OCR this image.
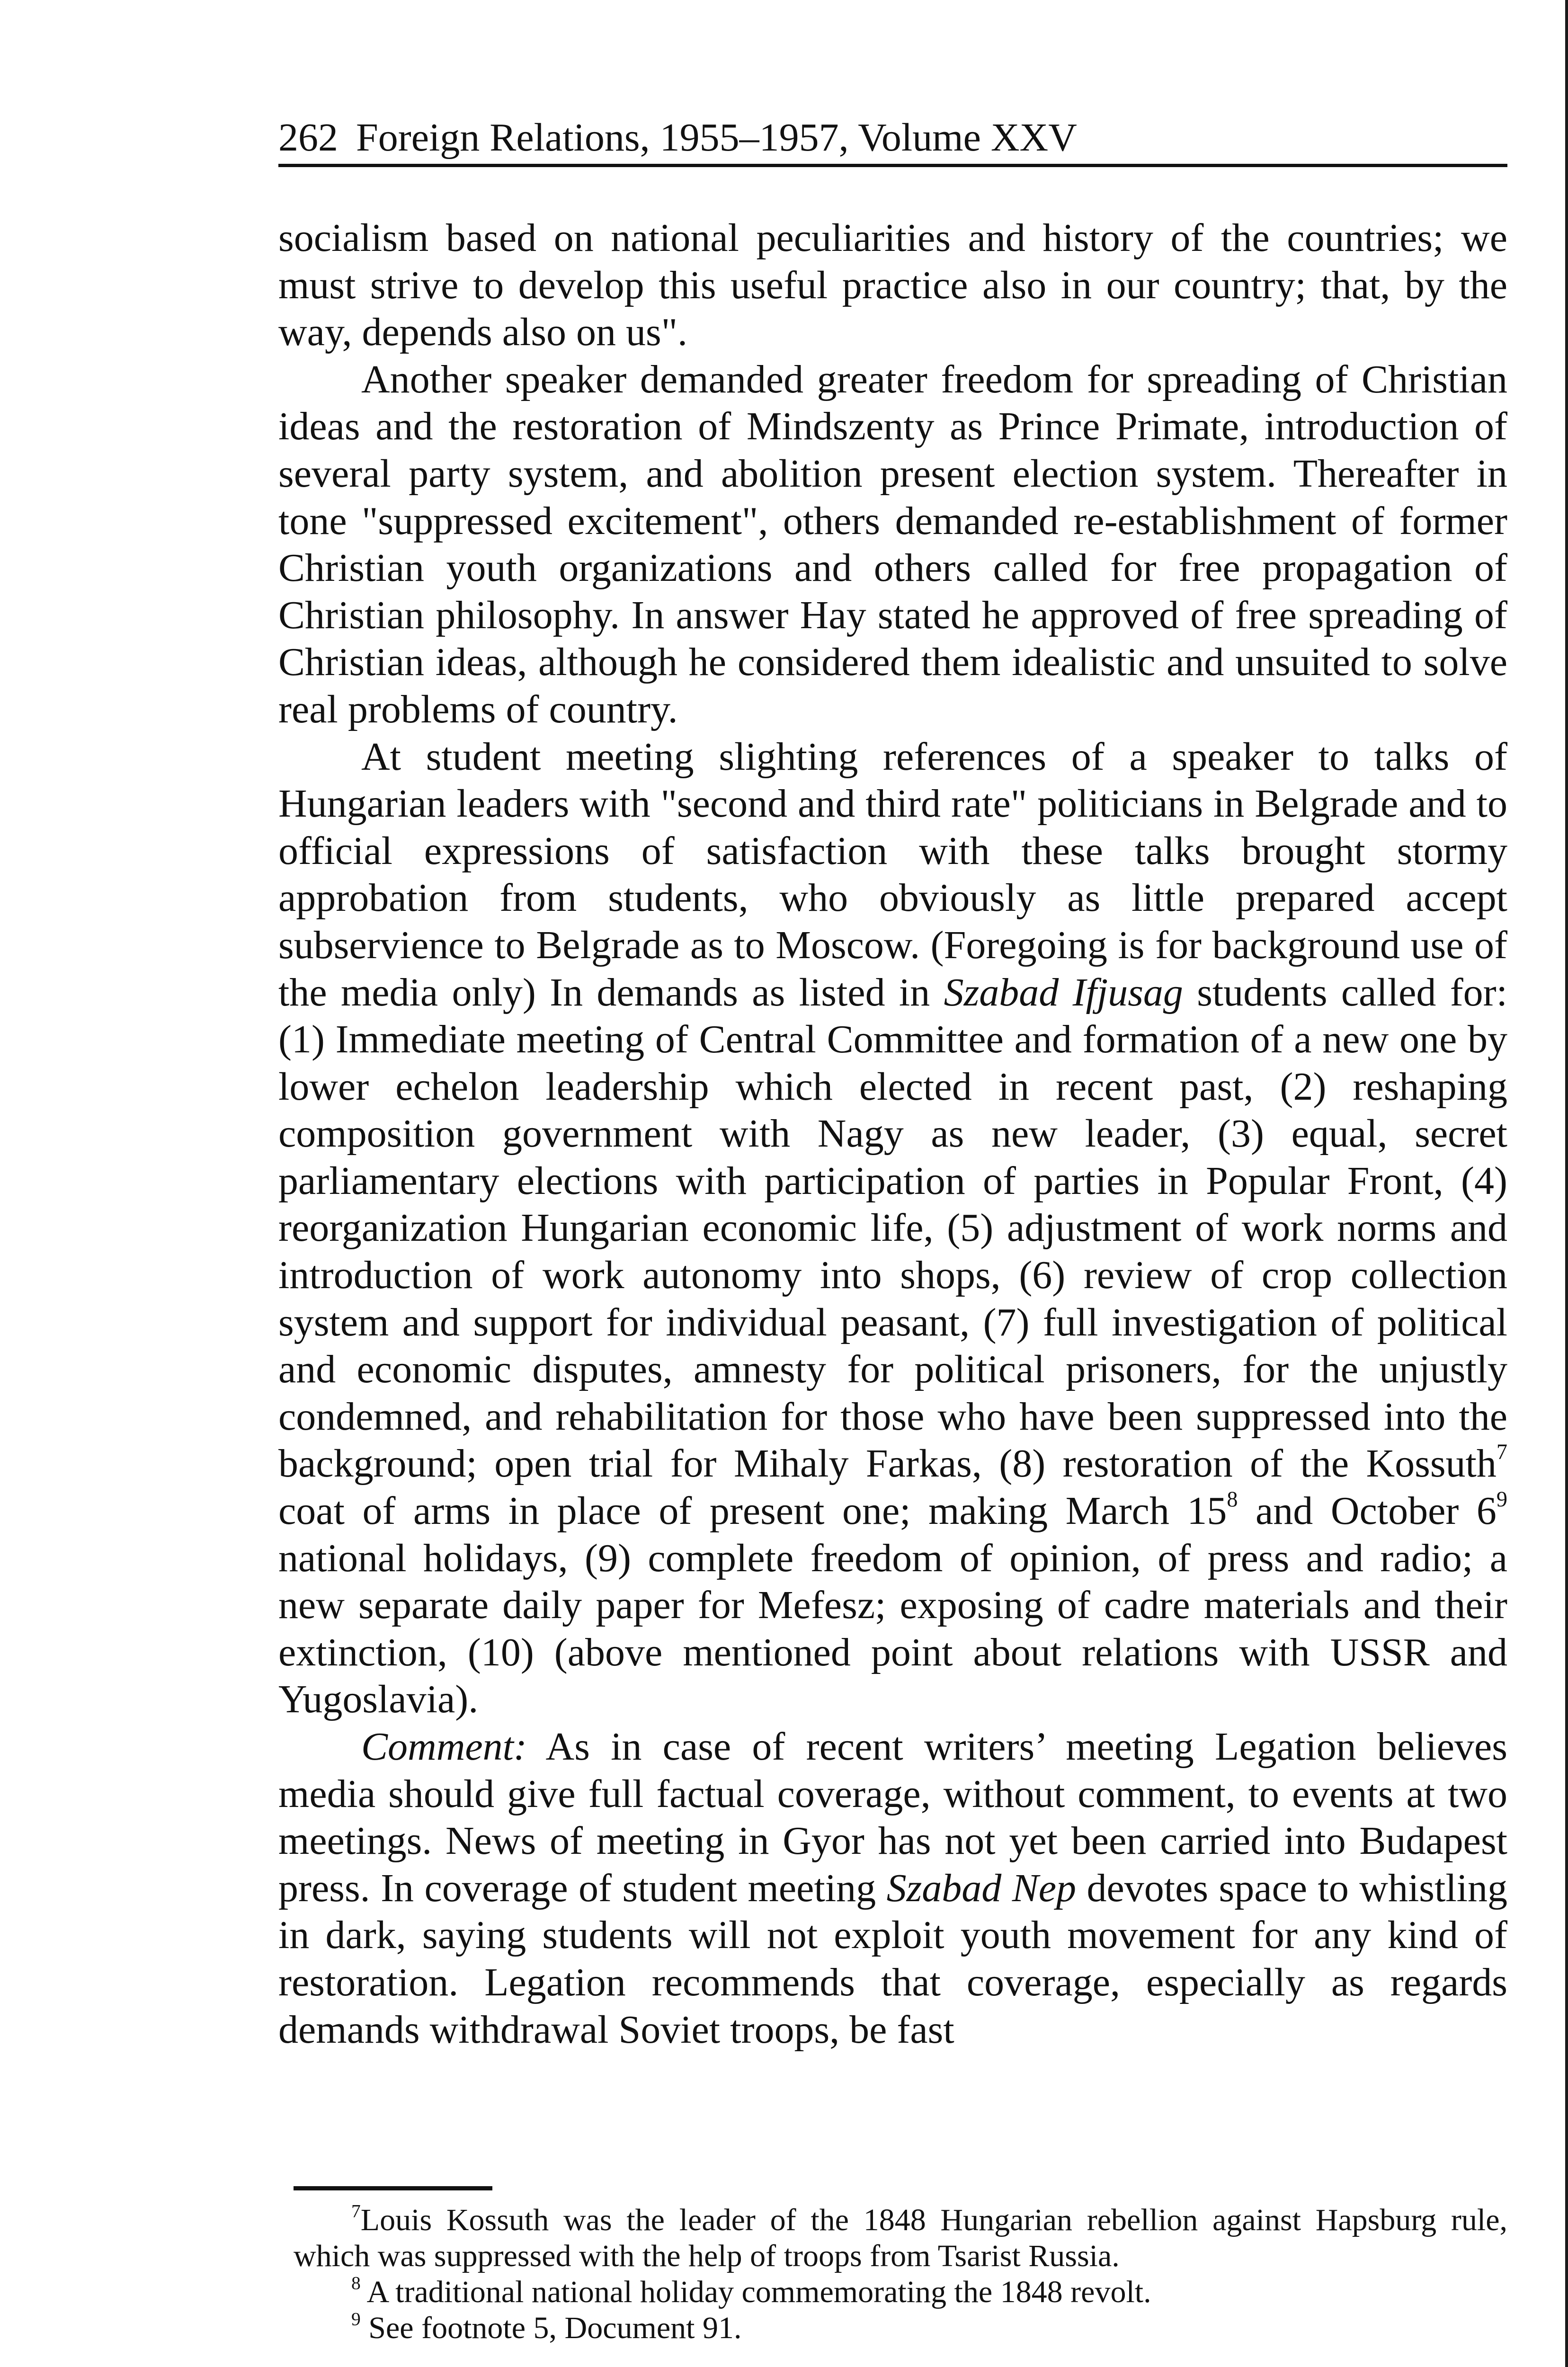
262 Foreign Relations, 1955–1957, Volume XXV

socialism based on national peculiarities and history of the countries; we must strive to develop this useful practice also in our country; that, by the way, depends also on us".

Another speaker demanded greater freedom for spreading of Christian ideas and the restoration of Mindszenty as Prince Primate, introduction of several party system, and abolition present election system. Thereafter in tone "suppressed excitement", others demanded re-establishment of former Christian youth organizations and others called for free propagation of Christian philosophy. In answer Hay stated he approved of free spreading of Christian ideas, although he considered them idealistic and unsuited to solve real problems of country.

At student meeting slighting references of a speaker to talks of Hungarian leaders with "second and third rate" politicians in Belgrade and to official expressions of satisfaction with these talks brought stormy approbation from students, who obviously as little prepared accept subservience to Belgrade as to Moscow. (Foregoing is for background use of the media only) In demands as listed in Szabad Ifjusag students called for: (1) Immediate meeting of Central Committee and formation of a new one by lower echelon leadership which elected in recent past, (2) reshaping composition government with Nagy as new leader, (3) equal, secret parliamentary elections with participation of parties in Popular Front, (4) reorganization Hungarian economic life, (5) adjustment of work norms and introduction of work autonomy into shops, (6) review of crop collection system and support for individual peasant, (7) full investigation of political and economic disputes, amnesty for political prisoners, for the unjustly condemned, and rehabilitation for those who have been suppressed into the background; open trial for Mihaly Farkas, (8) restoration of the Kossuth$^7$ coat of arms in place of present one; making March $15^8$ and October $6^9$ national holidays, (9) complete freedom of opinion, of press and radio; a new separate daily paper for Mefesz; exposing of cadre materials and their extinction, (10) (above mentioned point about relations with USSR and Yugoslavia).

Comment: As in case of recent writers’ meeting Legation believes media should give full factual coverage, without comment, to events at two meetings. News of meeting in Gyor has not yet been carried into Budapest press. In coverage of student meeting Szabad Nep devotes space to whistling in dark, saying students will not exploit youth movement for any kind of restoration. Legation recommends that coverage, especially as regards demands withdrawal Soviet troops, be fast

$^7$Louis Kossuth was the leader of the 1848 Hungarian rebellion against Hapsburg rule, which was suppressed with the help of troops from Tsarist Russia.

$^8$ A traditional national holiday commemorating the 1848 revolt.

$^9$ See footnote 5, Document 91.
